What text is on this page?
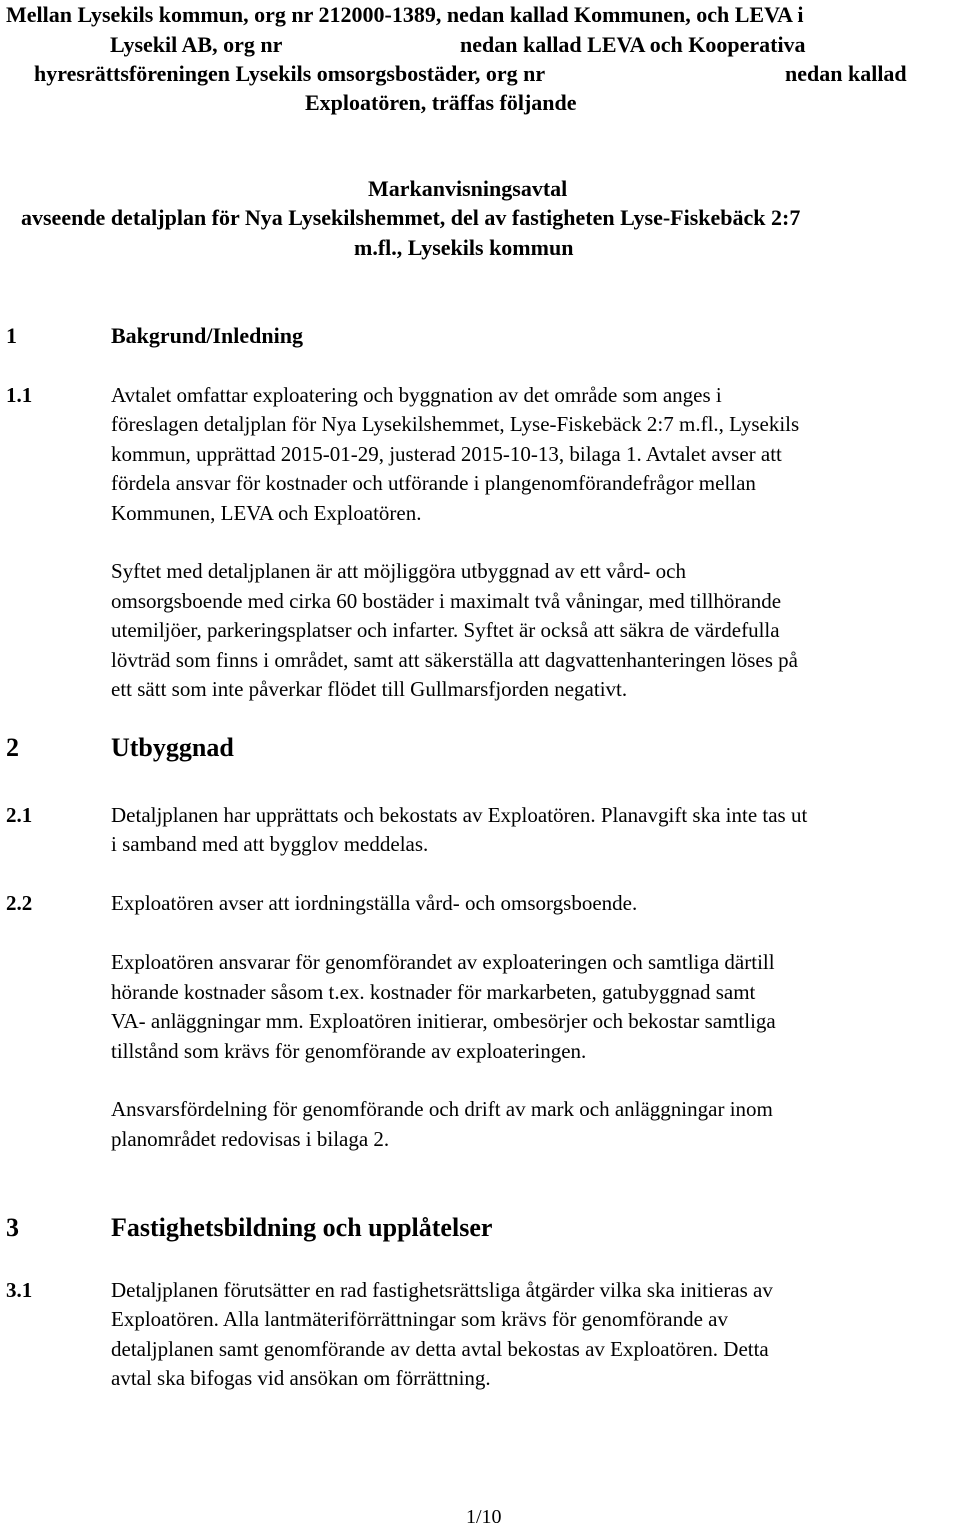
Mellan Lysekils kommun, org nr 212000-1389, nedan kallad Kommunen, och LEVA i
Lysekil AB, org nr	nedan kallad LEVA och Kooperativa
hyresrättsföreningen Lysekils omsorgsbostäder, org nr	nedan kallad
Exploatören, träffas följande
Markanvisningsavtal
avseende detaljplan för Nya Lysekilshemmet, del av fastigheten Lyse-Fiskebäck 2:7
m.fl., Lysekils kommun
1	Bakgrund/Inledning
1.1	Avtalet omfattar exploatering och byggnation av det område som anges i
föreslagen detaljplan för Nya Lysekilshemmet, Lyse-Fiskebäck 2:7 m.fl., Lysekils
kommun, upprättad 2015-01-29, justerad 2015-10-13, bilaga 1. Avtalet avser att
fördela ansvar för kostnader och utförande i plangenomförandefrågor mellan
Kommunen, LEVA och Exploatören.
Syftet med detaljplanen är att möjliggöra utbyggnad av ett vård- och
omsorgsboende med cirka 60 bostäder i maximalt två våningar, med tillhörande
utemiljöer, parkeringsplatser och infarter. Syftet är också att säkra de värdefulla
lövträd som finns i området, samt att säkerställa att dagvattenhanteringen löses på
ett sätt som inte påverkar flödet till Gullmarsfjorden negativt.
2	Utbyggnad
2.1	Detaljplanen har upprättats och bekostats av Exploatören. Planavgift ska inte tas ut
i samband med att bygglov meddelas.
2.2	Exploatören avser att iordningställa vård- och omsorgsboende.
Exploatören ansvarar för genomförandet av exploateringen och samtliga därtill
hörande kostnader såsom t.ex. kostnader för markarbeten, gatubyggnad samt
VA- anläggningar mm. Exploatören initierar, ombesörjer och bekostar samtliga
tillstånd som krävs för genomförande av exploateringen.
Ansvarsfördelning för genomförande och drift av mark och anläggningar inom
planområdet redovisas i bilaga 2.
3	Fastighetsbildning och upplåtelser
3.1	Detaljplanen förutsätter en rad fastighetsrättsliga åtgärder vilka ska initieras av
Exploatören. Alla lantmäteriförrättningar som krävs för genomförande av
detaljplanen samt genomförande av detta avtal bekostas av Exploatören. Detta
avtal ska bifogas vid ansökan om förrättning.
1/10
